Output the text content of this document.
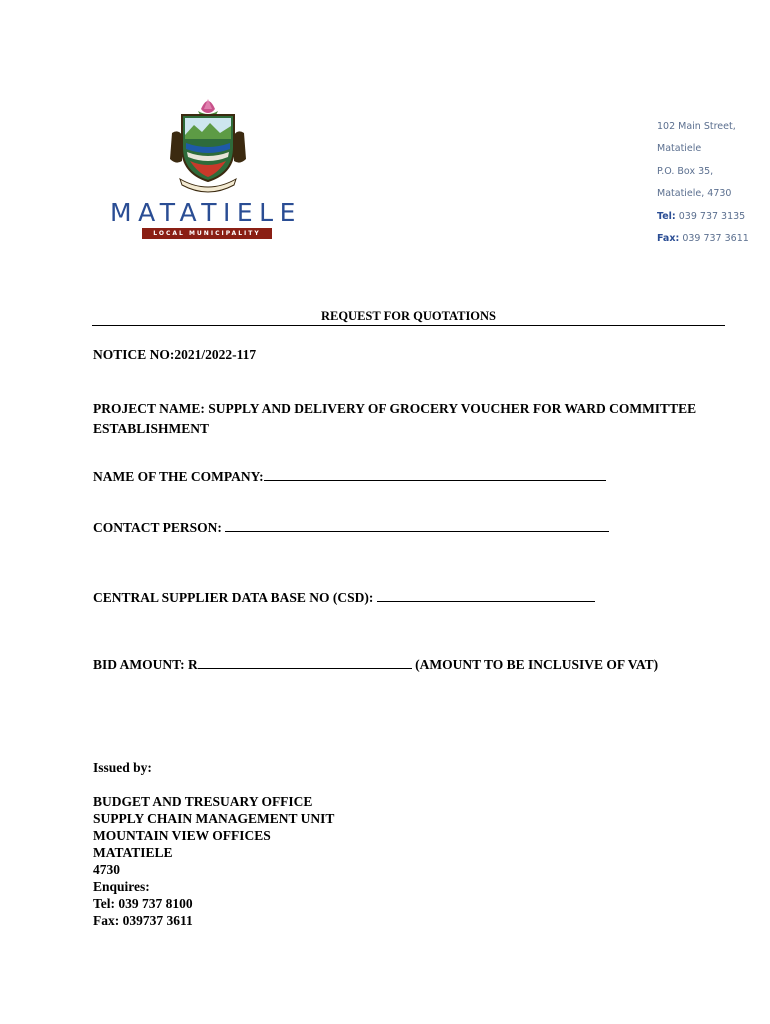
MATATIELE
LOCAL MUNICIPALITY
102 Main Street,
Matatiele
P.O. Box 35,
Matatiele, 4730
Tel: 039 737 3135
Fax: 039 737 3611
REQUEST FOR QUOTATIONS
NOTICE NO:2021/2022-117
PROJECT NAME: SUPPLY AND DELIVERY OF GROCERY VOUCHER FOR WARD COMMITTEE ESTABLISHMENT
NAME OF THE COMPANY:
CONTACT PERSON:
CENTRAL SUPPLIER DATA BASE NO (CSD):
BID AMOUNT: R	(AMOUNT TO BE INCLUSIVE OF VAT)
Issued by:
BUDGET AND TRESUARY OFFICE
SUPPLY CHAIN MANAGEMENT UNIT
MOUNTAIN VIEW OFFICES
MATATIELE
4730
Enquires:
Tel: 039 737 8100
Fax: 039737 3611
